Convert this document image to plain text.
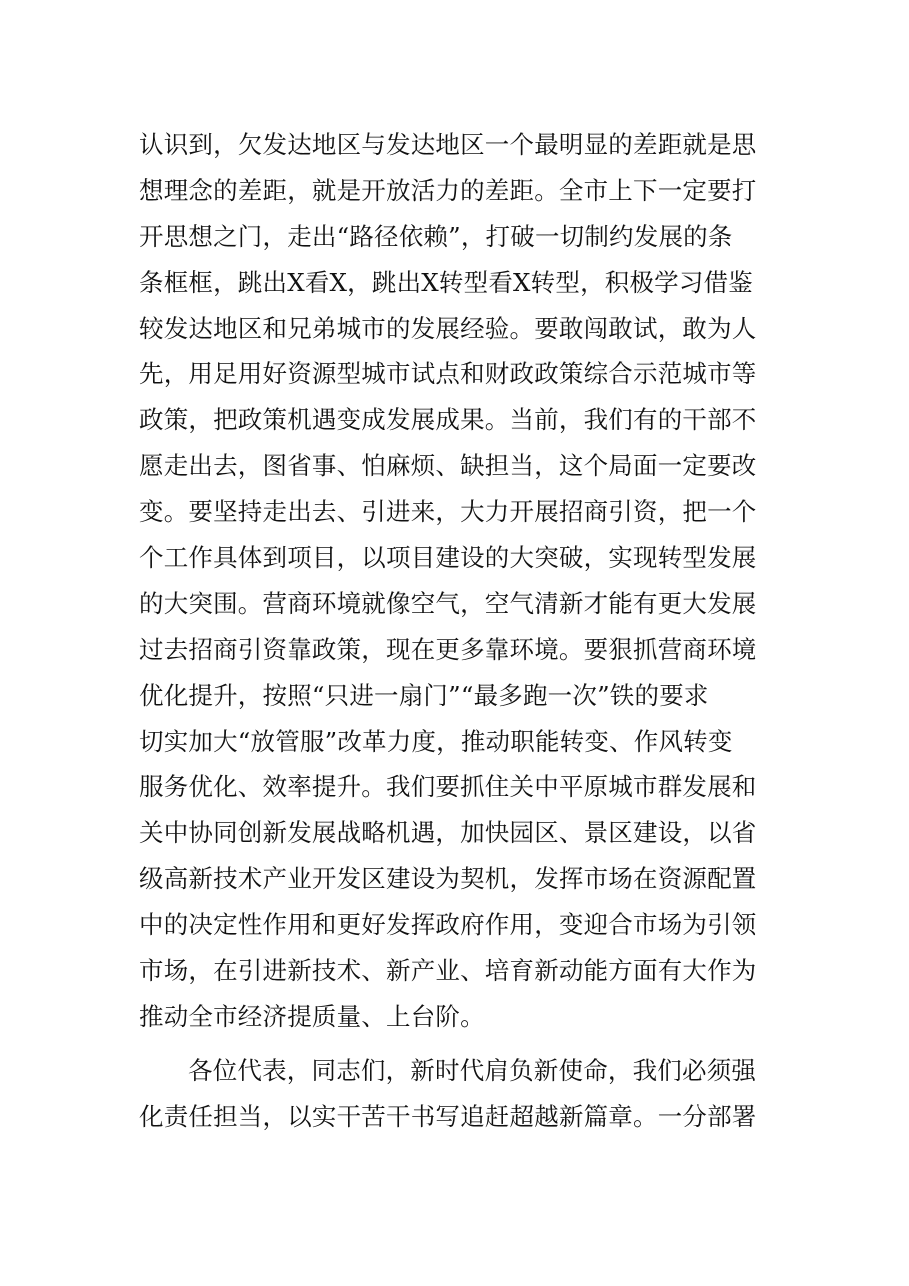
认识到，欠发达地区与发达地区一个最明显的差距就是思
想理念的差距，就是开放活力的差距。全市上下一定要打
开思想之门，走出“路径依赖”，打破一切制约发展的条
条框框，跳出X看X，跳出X转型看X转型，积极学习借鉴
较发达地区和兄弟城市的发展经验。要敢闯敢试，敢为人
先，用足用好资源型城市试点和财政政策综合示范城市等
政策，把政策机遇变成发展成果。当前，我们有的干部不
愿走出去，图省事、怕麻烦、缺担当，这个局面一定要改
变。要坚持走出去、引进来，大力开展招商引资，把一个
个工作具体到项目，以项目建设的大突破，实现转型发展
的大突围。营商环境就像空气，空气清新才能有更大发展
过去招商引资靠政策，现在更多靠环境。要狠抓营商环境
优化提升，按照“只进一扇门”“最多跑一次”铁的要求
切实加大“放管服”改革力度，推动职能转变、作风转变
服务优化、效率提升。我们要抓住关中平原城市群发展和
关中协同创新发展战略机遇，加快园区、景区建设，以省
级高新技术产业开发区建设为契机，发挥市场在资源配置
中的决定性作用和更好发挥政府作用，变迎合市场为引领
市场，在引进新技术、新产业、培育新动能方面有大作为
推动全市经济提质量、上台阶。
各位代表，同志们，新时代肩负新使命，我们必须强
化责任担当，以实干苦干书写追赶超越新篇章。一分部署
